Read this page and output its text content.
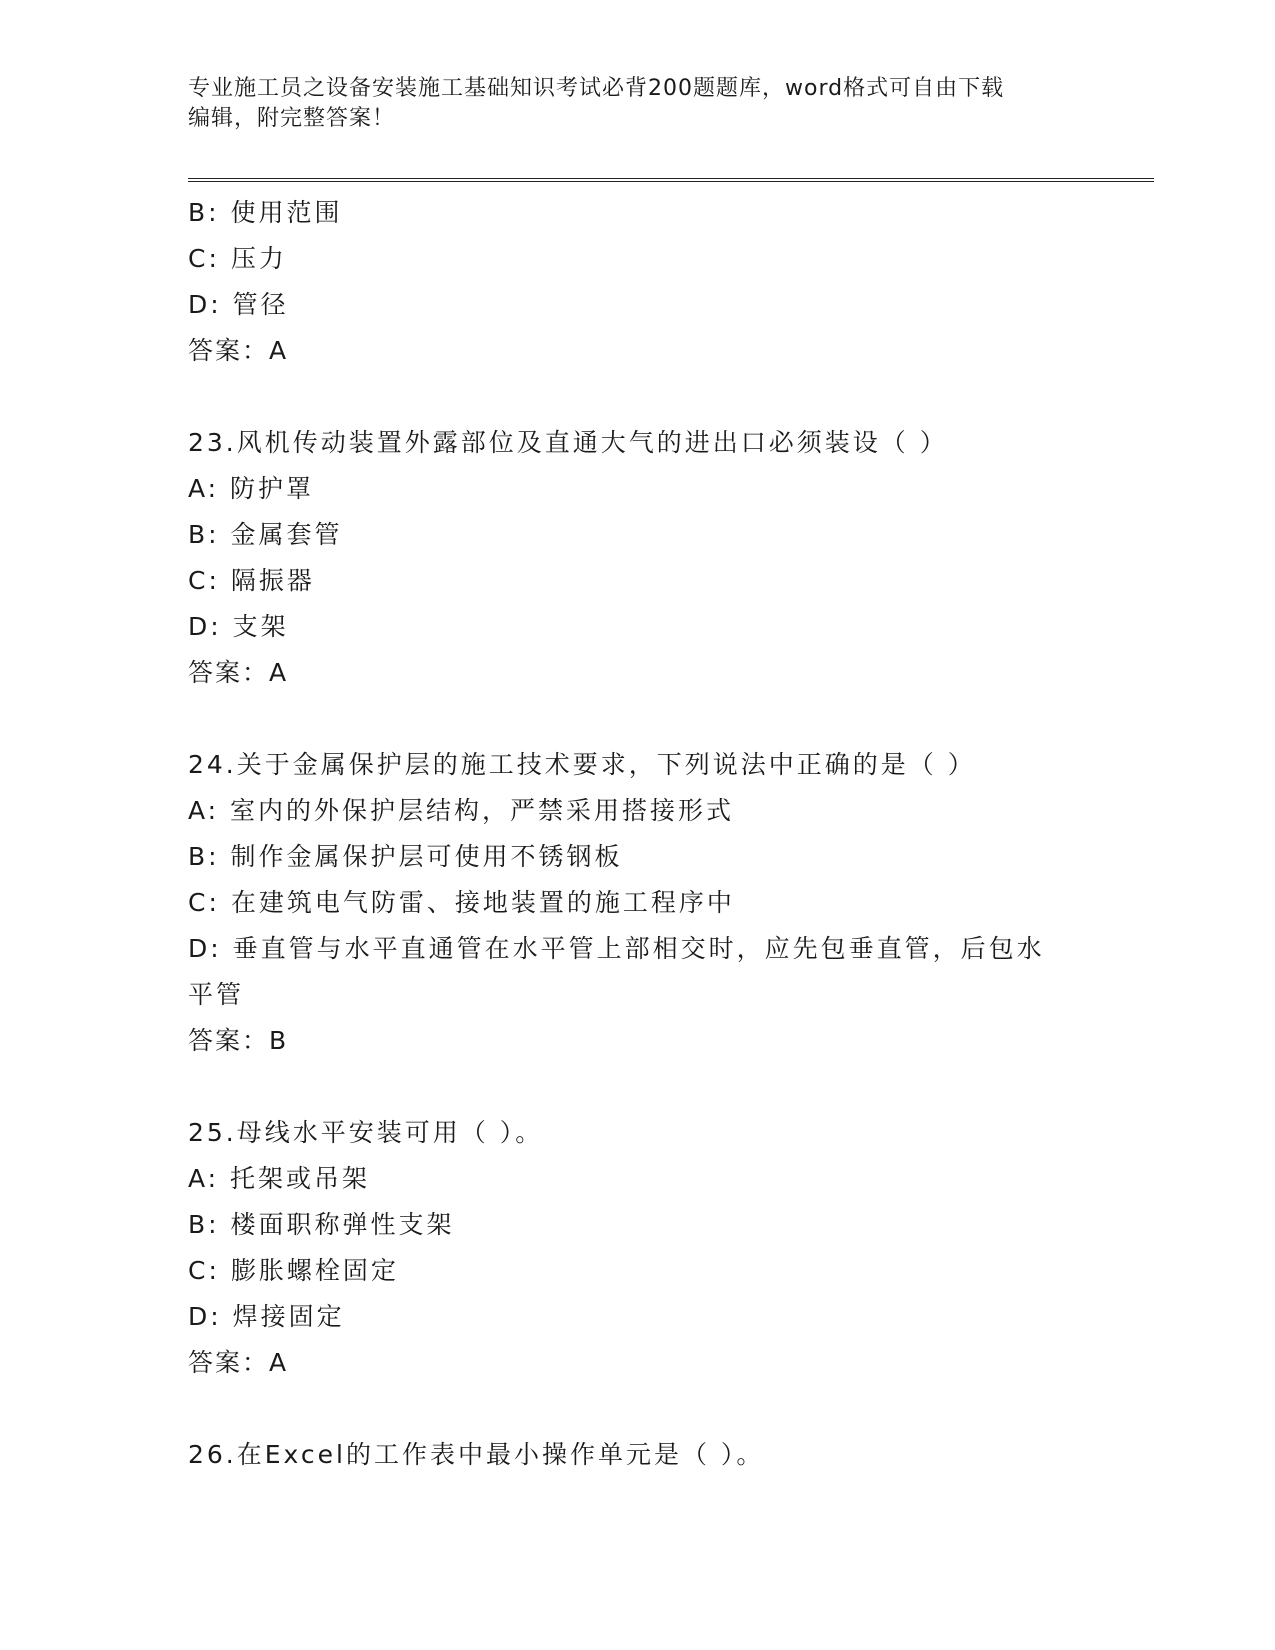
专业施工员之设备安装施工基础知识考试必背200题题库，word格式可自由下载
编辑，附完整答案！

B: 使用范围

C: 压力

D: 管径

答案：A

23.风机传动装置外露部位及直通大气的进出口必须装设（ ）

A: 防护罩

B: 金属套管

C: 隔振器

D: 支架

答案：A

24.关于金属保护层的施工技术要求，下列说法中正确的是（ ）

A: 室内的外保护层结构，严禁采用搭接形式

B: 制作金属保护层可使用不锈钢板

C: 在建筑电气防雷、接地装置的施工程序中

D: 垂直管与水平直通管在水平管上部相交时，应先包垂直管，后包水

平管

答案：B

25.母线水平安装可用（ ）。

A: 托架或吊架

B: 楼面职称弹性支架

C: 膨胀螺栓固定

D: 焊接固定

答案：A

26.在Excel的工作表中最小操作单元是（ ）。
